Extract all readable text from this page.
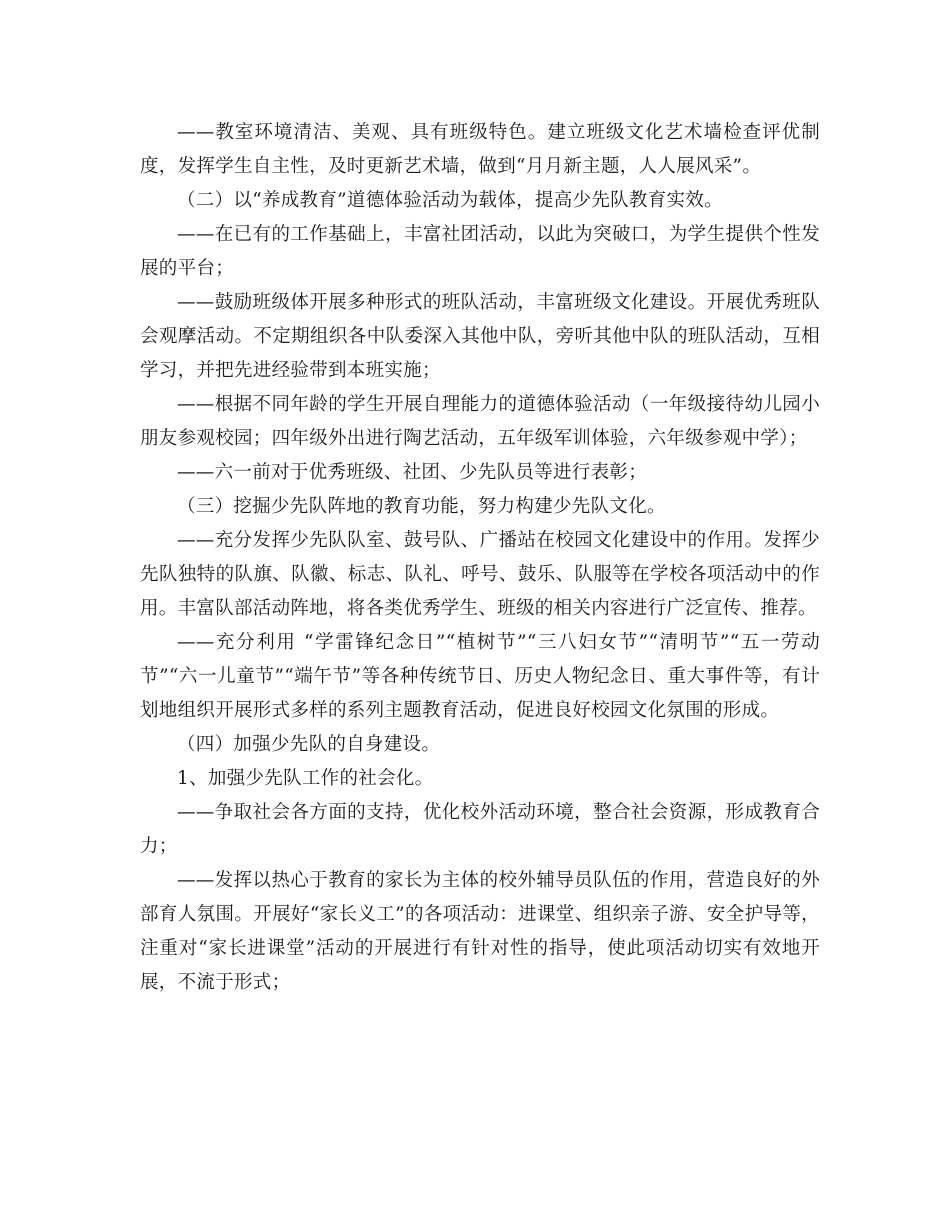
——教室环境清洁、美观、具有班级特色。建立班级文化艺术墙检查评优制度，发挥学生自主性，及时更新艺术墙，做到“月月新主题，人人展风采”。

（二）以“养成教育”道德体验活动为载体，提高少先队教育实效。

——在已有的工作基础上，丰富社团活动，以此为突破口，为学生提供个性发展的平台；

——鼓励班级体开展多种形式的班队活动，丰富班级文化建设。开展优秀班队会观摩活动。不定期组织各中队委深入其他中队，旁听其他中队的班队活动，互相学习，并把先进经验带到本班实施；

——根据不同年龄的学生开展自理能力的道德体验活动（一年级接待幼儿园小朋友参观校园；四年级外出进行陶艺活动，五年级军训体验，六年级参观中学）；

——六一前对于优秀班级、社团、少先队员等进行表彰；

（三）挖掘少先队阵地的教育功能，努力构建少先队文化。

——充分发挥少先队队室、鼓号队、广播站在校园文化建设中的作用。发挥少先队独特的队旗、队徽、标志、队礼、呼号、鼓乐、队服等在学校各项活动中的作用。丰富队部活动阵地，将各类优秀学生、班级的相关内容进行广泛宣传、推荐。

——充分利用 “学雷锋纪念日”“植树节”“三八妇女节”“清明节”“五一劳动节”“六一儿童节”“端午节”等各种传统节日、历史人物纪念日、重大事件等，有计划地组织开展形式多样的系列主题教育活动，促进良好校园文化氛围的形成。

（四）加强少先队的自身建设。

1、加强少先队工作的社会化。

——争取社会各方面的支持，优化校外活动环境，整合社会资源，形成教育合力；

——发挥以热心于教育的家长为主体的校外辅导员队伍的作用，营造良好的外部育人氛围。开展好“家长义工”的各项活动：进课堂、组织亲子游、安全护导等，注重对“家长进课堂”活动的开展进行有针对性的指导，使此项活动切实有效地开展，不流于形式；
